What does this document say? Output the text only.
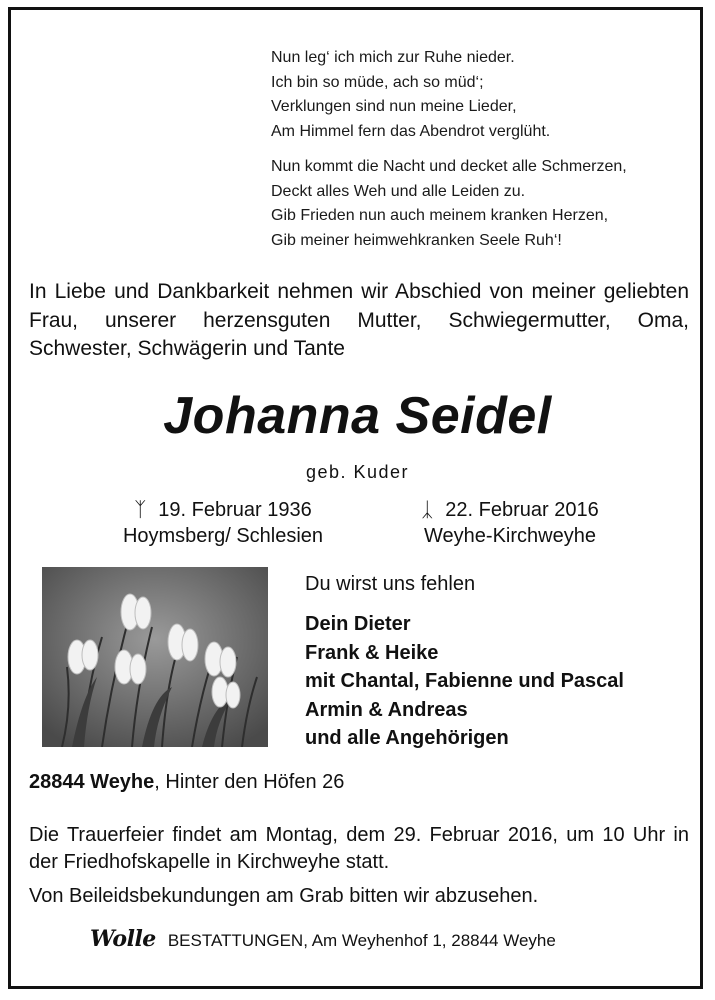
Nun leg‘ ich mich zur Ruhe nieder.
Ich bin so müde, ach so müd‘;
Verklungen sind nun meine Lieder,
Am Himmel fern das Abendrot verglüht.

Nun kommt die Nacht und decket alle Schmerzen,
Deckt alles Weh und alle Leiden zu.
Gib Frieden nun auch meinem kranken Herzen,
Gib meiner heimwehkranken Seele Ruh‘!

In Liebe und Dankbarkeit nehmen wir Abschied von meiner geliebten Frau, unserer herzensguten Mutter, Schwiegermutter, Oma, Schwester, Schwägerin und Tante
Johanna Seidel
geb. Kuder
ᛉ 19. Februar 1936
Hoymsberg/ Schlesien
ᛣ 22. Februar 2016
Weyhe-Kirchweyhe
Du wirst uns fehlen
Dein Dieter
Frank & Heike
mit Chantal, Fabienne und Pascal
Armin & Andreas
und alle Angehörigen
28844 Weyhe, Hinter den Höfen 26
Die Trauerfeier findet am Montag, dem 29. Februar 2016, um 10 Uhr in der Friedhofskapelle in Kirchweyhe statt.
Von Beileidsbekundungen am Grab bitten wir abzusehen.
Wolle BESTATTUNGEN, Am Weyhenhof 1, 28844 Weyhe
